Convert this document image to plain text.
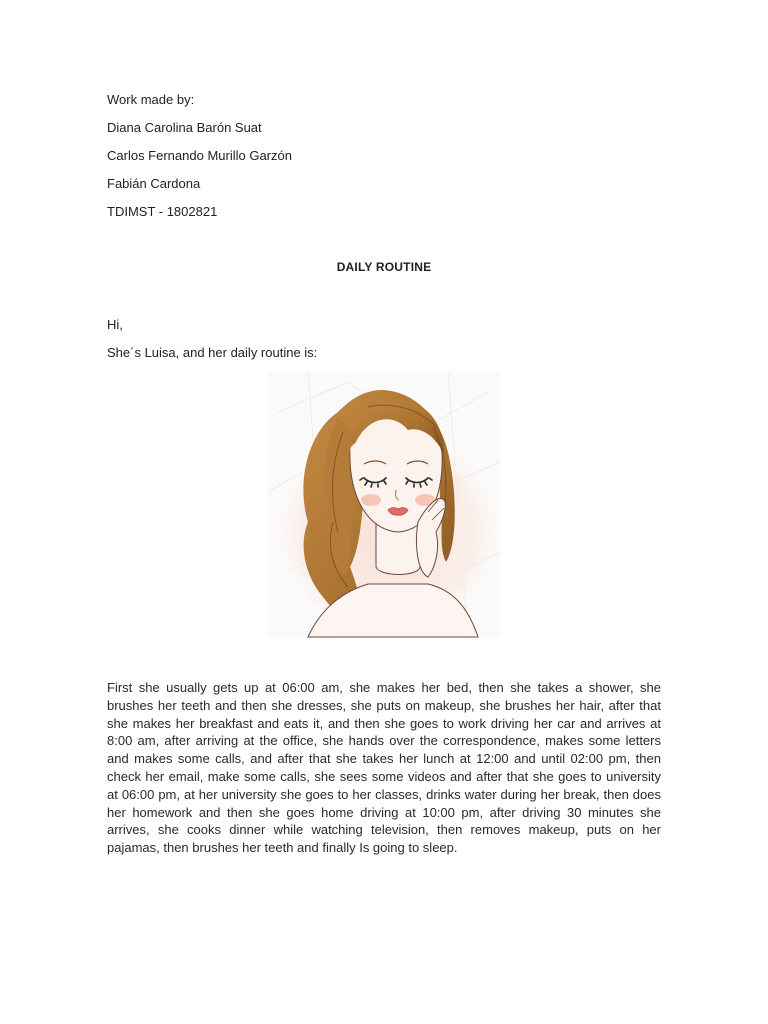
Work made by:
Diana Carolina Barón Suat
Carlos Fernando Murillo Garzón
Fabián Cardona
TDIMST - 1802821
DAILY ROUTINE
Hi,
She´s Luisa, and her daily routine is:
First she usually gets up at 06:00 am, she makes her bed, then she takes a shower, she brushes her teeth and then she dresses, she puts on makeup, she brushes her hair, after that she makes her breakfast and eats it, and then she goes to work driving her car and arrives at 8:00 am, after arriving at the office, she hands over the correspondence, makes some letters and makes some calls, and after that she takes her lunch at 12:00 and until 02:00 pm, then check her email, make some calls, she sees some videos and after that she goes to university at 06:00 pm, at her university she goes to her classes, drinks water during her break, then does her homework and then she goes home driving at 10:00 pm, after driving 30 minutes she arrives, she cooks dinner while watching television, then removes makeup, puts on her pajamas, then brushes her teeth and finally Is going to sleep.
